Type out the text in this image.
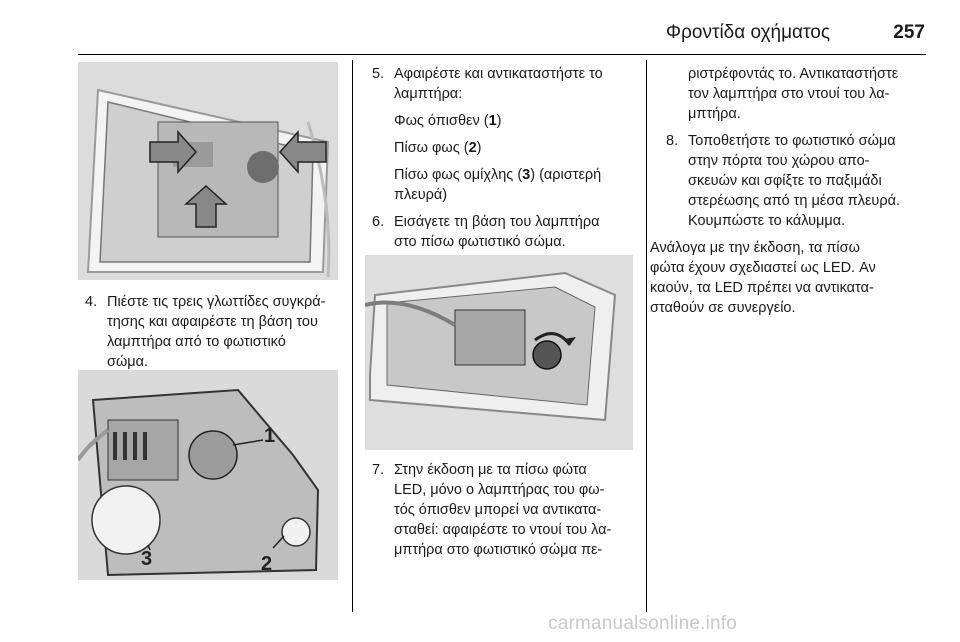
Φροντίδα οχήματος	257

4. Πιέστε τις τρεις γλωττίδες συγκρά-
τησης και αφαιρέστε τη βάση του
λαμπτήρα από το φωτιστικό
σώμα.

1
2
3

5. Αφαιρέστε και αντικαταστήστε το
λαμπτήρα:

Φως όπισθεν (1)

Πίσω φως (2)

Πίσω φως ομίχλης (3) (αριστερή
πλευρά)

6. Εισάγετε τη βάση του λαμπτήρα
στο πίσω φωτιστικό σώμα.

7. Στην έκδοση με τα πίσω φώτα
LED, μόνο ο λαμπτήρας του φω-
τός όπισθεν μπορεί να αντικατα-
σταθεί: αφαιρέστε το ντουί του λα-
μπτήρα στο φωτιστικό σώμα πε-

ριστρέφοντάς το. Αντικαταστήστε
τον λαμπτήρα στο ντουί του λα-
μπτήρα.

8. Τοποθετήστε το φωτιστικό σώμα
στην πόρτα του χώρου απο-
σκευών και σφίξτε το παξιμάδι
στερέωσης από τη μέσα πλευρά.
Κουμπώστε το κάλυμμα.

Ανάλογα με την έκδοση, τα πίσω
φώτα έχουν σχεδιαστεί ως LED. Αν
καούν, τα LED πρέπει να αντικατα-
σταθούν σε συνεργείο.

carmanualsonline.info
